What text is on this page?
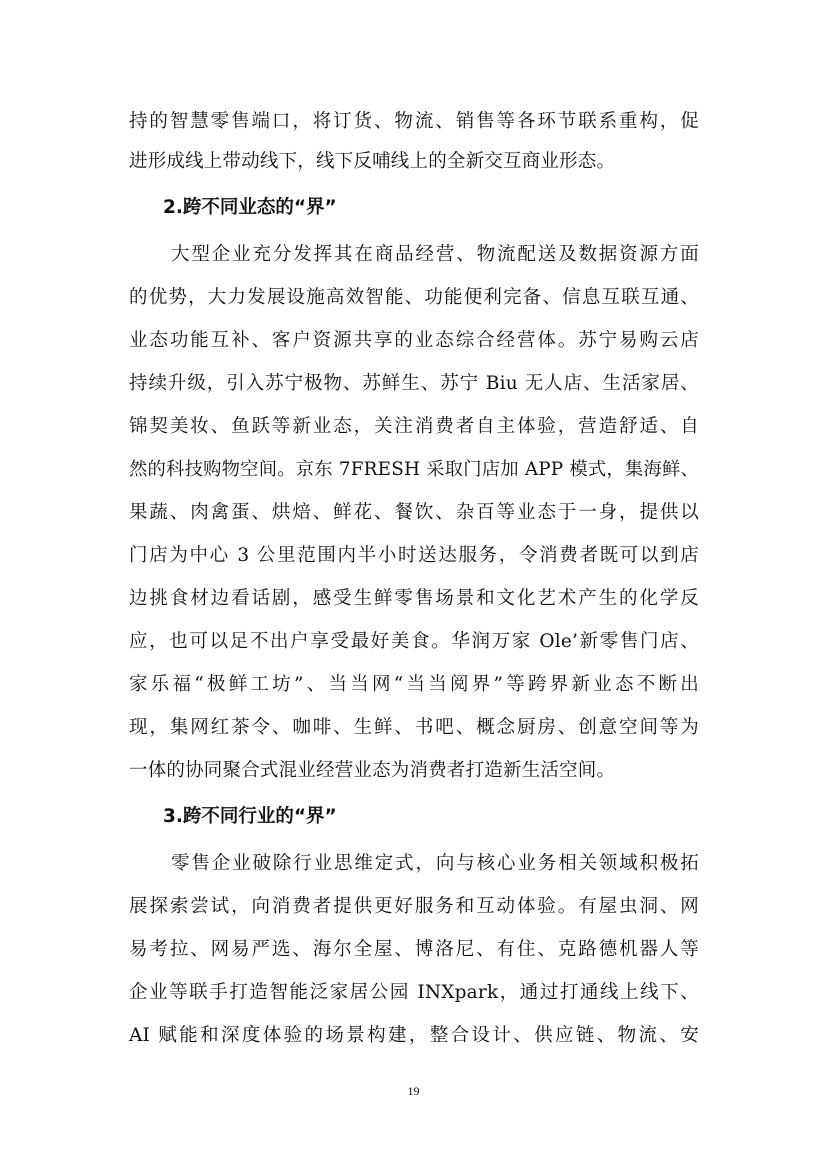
持的智慧零售端口，将订货、物流、销售等各环节联系重构，促
进形成线上带动线下，线下反哺线上的全新交互商业形态。
2.跨不同业态的“界”
大型企业充分发挥其在商品经营、物流配送及数据资源方面
的优势，大力发展设施高效智能、功能便利完备、信息互联互通、
业态功能互补、客户资源共享的业态综合经营体。苏宁易购云店
持续升级，引入苏宁极物、苏鲜生、苏宁 Biu 无人店、生活家居、
锦契美妆、鱼跃等新业态，关注消费者自主体验，营造舒适、自
然的科技购物空间。京东 7FRESH 采取门店加 APP 模式，集海鲜、
果蔬、肉禽蛋、烘焙、鲜花、餐饮、杂百等业态于一身，提供以
门店为中心 3 公里范围内半小时送达服务，令消费者既可以到店
边挑食材边看话剧，感受生鲜零售场景和文化艺术产生的化学反
应，也可以足不出户享受最好美食。华润万家 Ole’新零售门店、
家乐福“极鲜工坊”、当当网“当当阅界”等跨界新业态不断出
现，集网红茶令、咖啡、生鲜、书吧、概念厨房、创意空间等为
一体的协同聚合式混业经营业态为消费者打造新生活空间。
3.跨不同行业的“界”
零售企业破除行业思维定式，向与核心业务相关领域积极拓
展探索尝试，向消费者提供更好服务和互动体验。有屋虫洞、网
易考拉、网易严选、海尔全屋、博洛尼、有住、克路德机器人等
企业等联手打造智能泛家居公园 INXpark，通过打通线上线下、
AI 赋能和深度体验的场景构建，整合设计、供应链、物流、安
19
